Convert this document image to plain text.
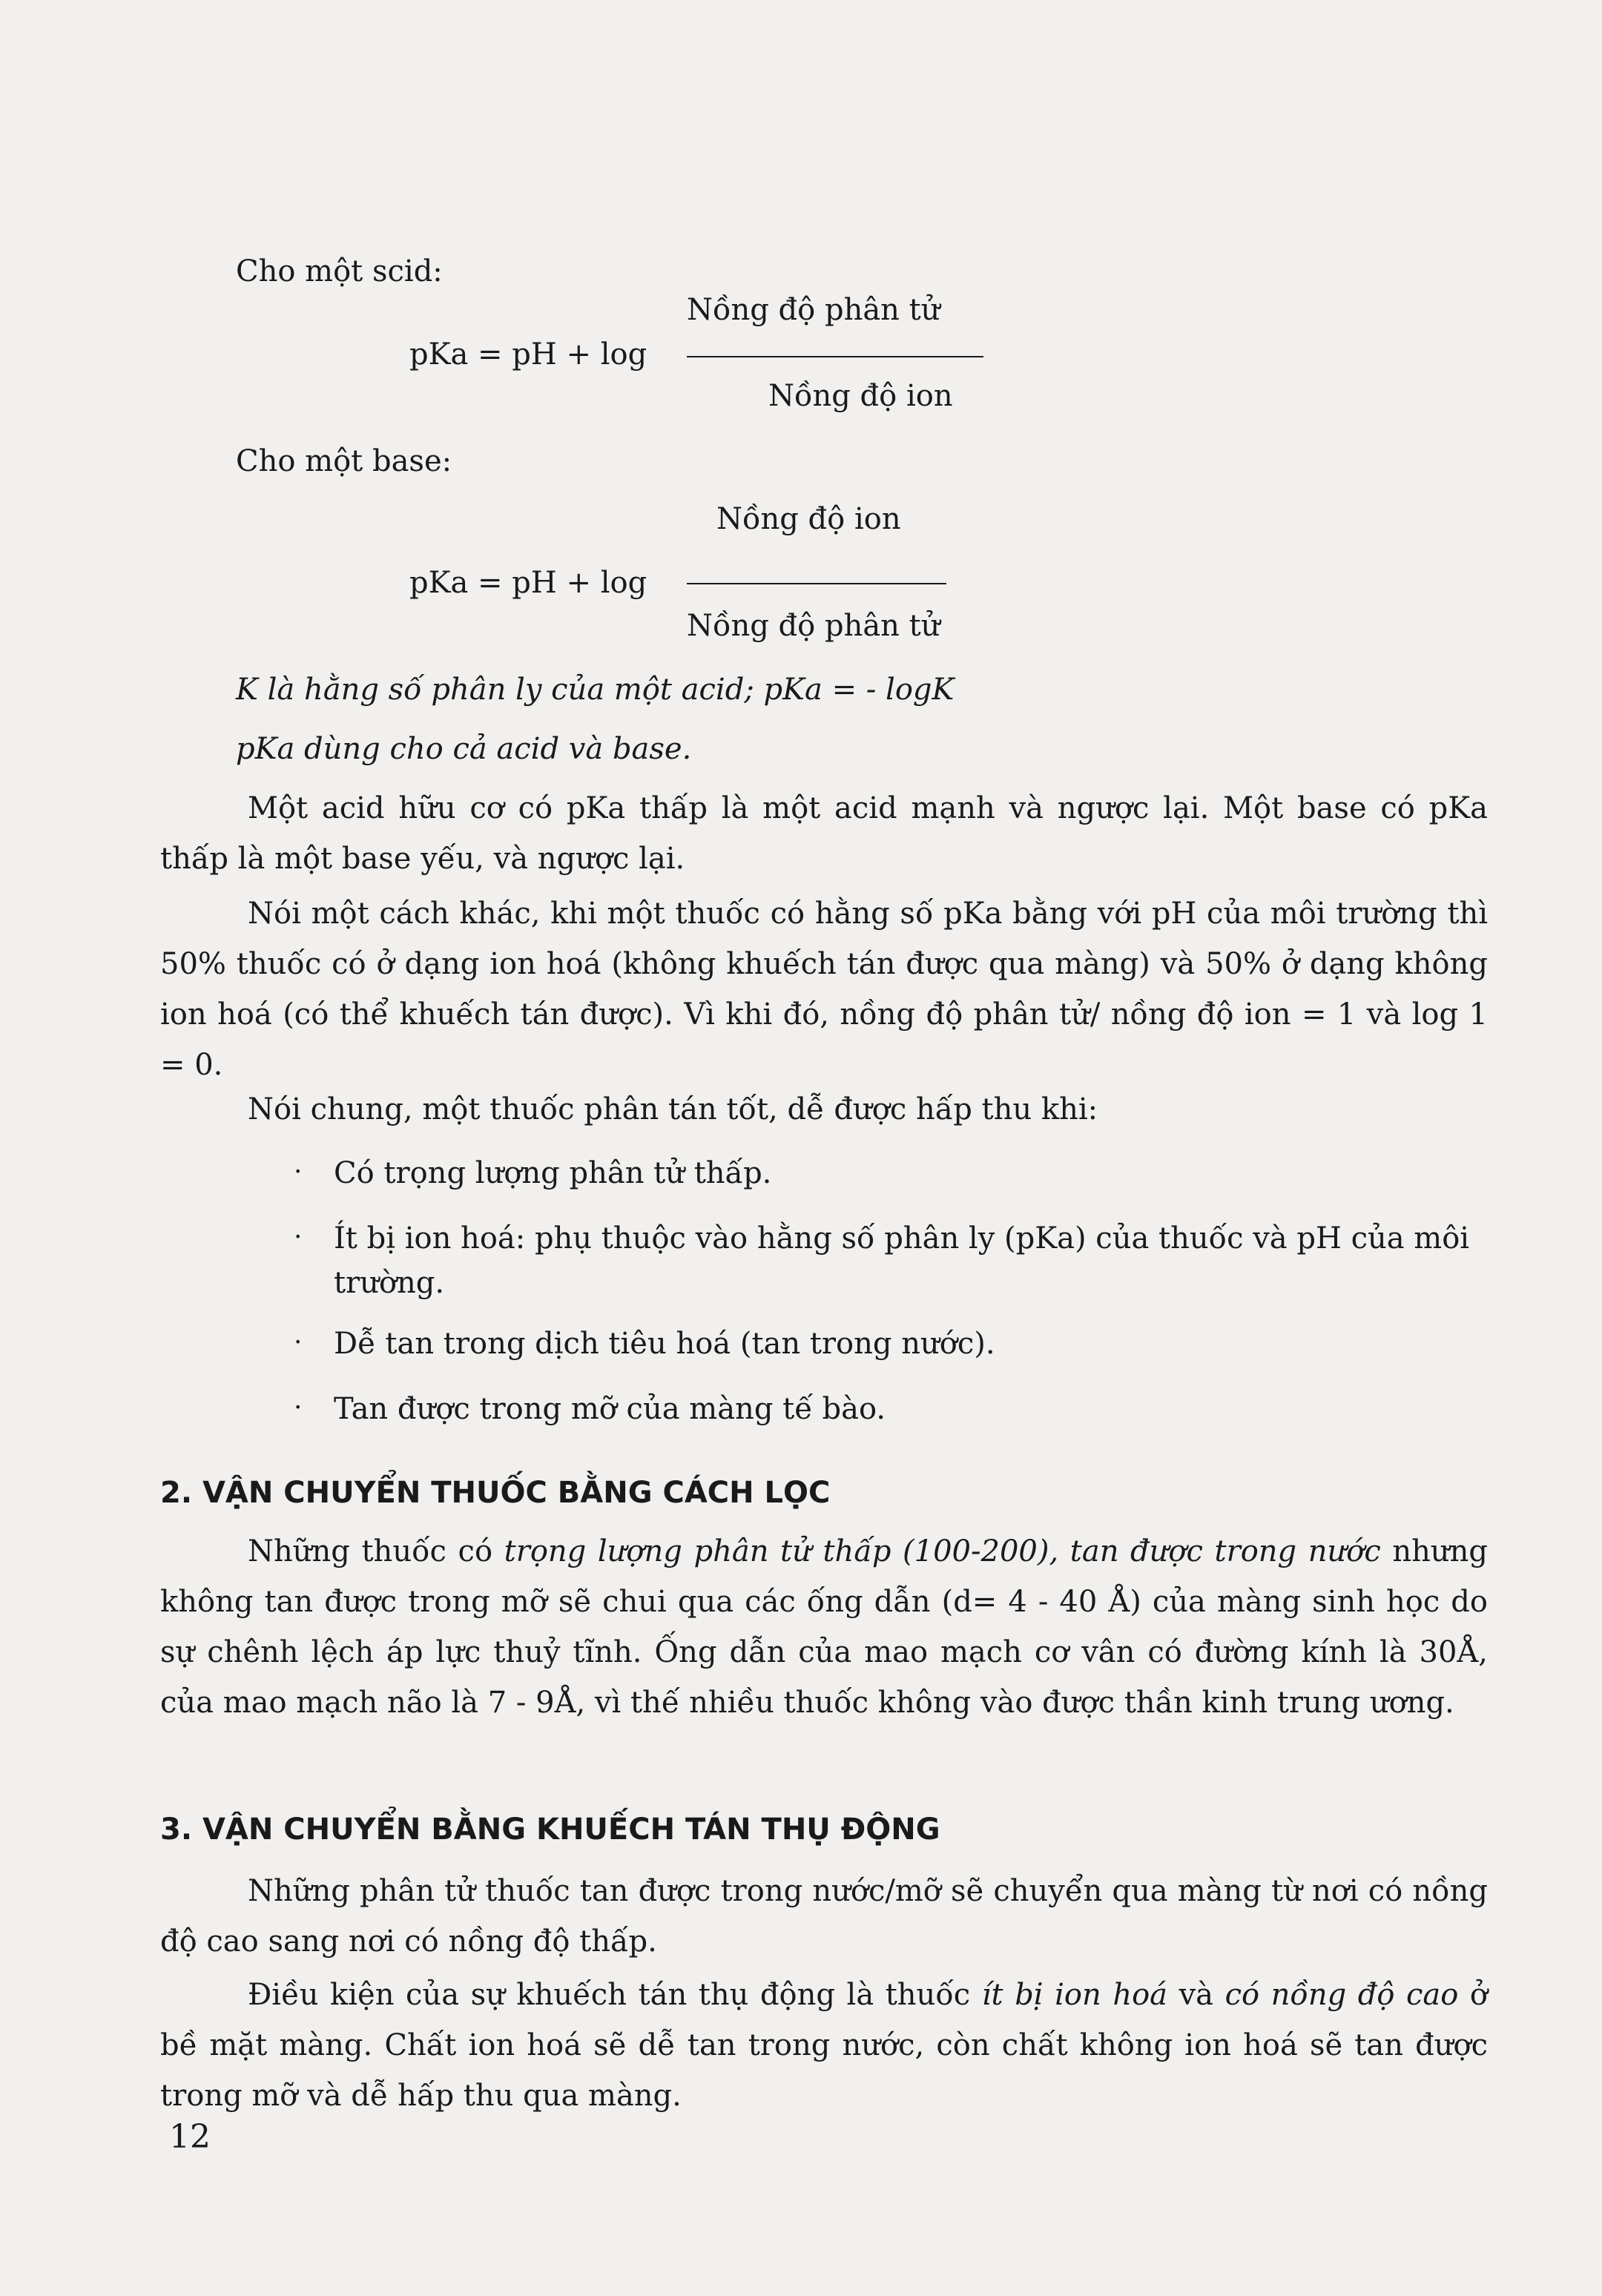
Cho một scid:

Nồng độ phân tử

pKa = pH + log

Nồng độ ion

Cho một base:

Nồng độ ion

pKa = pH + log

Nồng độ phân tử

K là hằng số phân ly của một acid; pKa = - logK

pKa dùng cho cả acid và base.

Một acid hữu cơ có pKa thấp là một acid mạnh và ngược lại. Một base có pKa thấp là một base yếu, và ngược lại.

Nói một cách khác, khi một thuốc có hằng số pKa bằng với pH của môi trường thì 50% thuốc có ở dạng ion hoá (không khuếch tán được qua màng) và 50% ở dạng không ion hoá (có thể khuếch tán được). Vì khi đó, nồng độ phân tử/ nồng độ ion = 1 và log 1 = 0.

Nói chung, một thuốc phân tán tốt, dễ được hấp thu khi:

· Có trọng lượng phân tử thấp.

· Ít bị ion hoá: phụ thuộc vào hằng số phân ly (pKa) của thuốc và pH của môi trường.

· Dễ tan trong dịch tiêu hoá (tan trong nước).

· Tan được trong mỡ của màng tế bào.

2. VẬN CHUYỂN THUỐC BẰNG CÁCH LỌC

Những thuốc có trọng lượng phân tử thấp (100-200), tan được trong nước nhưng không tan được trong mỡ sẽ chui qua các ống dẫn (d= 4 - 40 Å) của màng sinh học do sự chênh lệch áp lực thuỷ tĩnh. Ống dẫn của mao mạch cơ vân có đường kính là 30Å, của mao mạch não là 7 - 9Å, vì thế nhiều thuốc không vào được thần kinh trung ương.

3. VẬN CHUYỂN BẰNG KHUẾCH TÁN THỤ ĐỘNG

Những phân tử thuốc tan được trong nước/mỡ sẽ chuyển qua màng từ nơi có nồng độ cao sang nơi có nồng độ thấp.

Điều kiện của sự khuếch tán thụ động là thuốc ít bị ion hoá và có nồng độ cao ở bề mặt màng. Chất ion hoá sẽ dễ tan trong nước, còn chất không ion hoá sẽ tan được trong mỡ và dễ hấp thu qua màng.

12
